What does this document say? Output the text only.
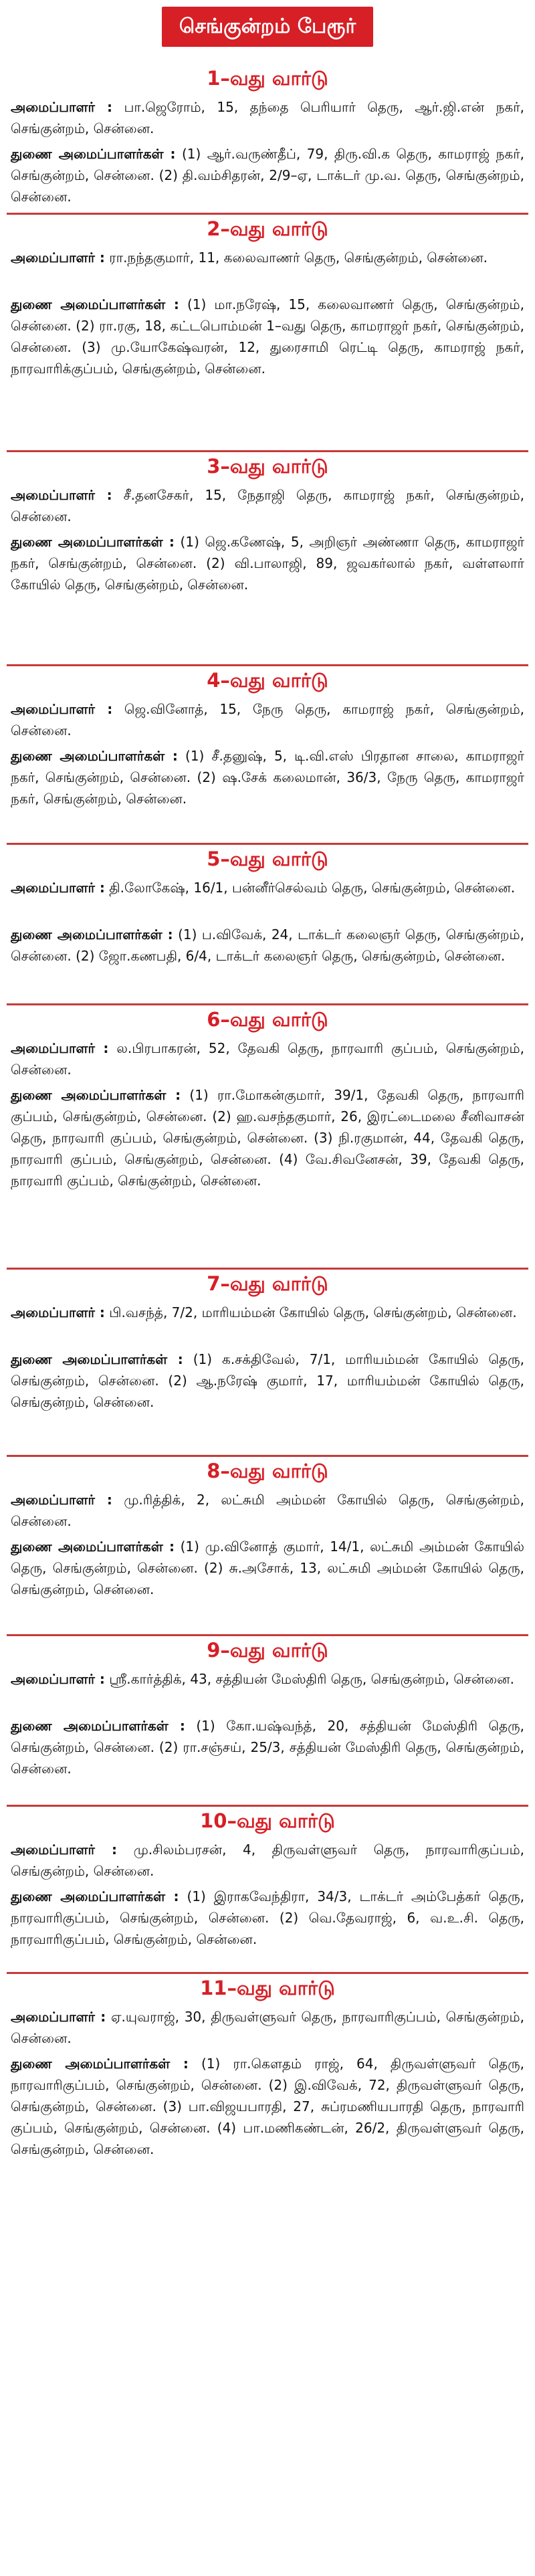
செங்குன்றம் பேரூர்
1–வது வார்டு

அமைப்பாளர் : பா.ஜெரோம், 15, தந்தை பெரியார் தெரு, ஆர்.ஜி.என் நகர், செங்குன்றம், சென்னை.

துணை அமைப்பாளர்கள் : (1) ஆர்.வருண்தீப், 79, திரு.வி.க தெரு, காமராஜ் நகர், செங்குன்றம், சென்னை. (2) தி.வம்சிதரன், 2/9–ஏ, டாக்டர் மு.வ. தெரு, செங்குன்றம், சென்னை.

2–வது வார்டு

அமைப்பாளர் : ரா.நந்தகுமார், 11, கலைவாணர் தெரு, செங்குன்றம், சென்னை.

துணை அமைப்பாளர்கள் : (1) மா.நரேஷ், 15, கலைவாணர் தெரு, செங்குன்றம், சென்னை. (2) ரா.ரகு, 18, கட்டபொம்மன் 1–வது தெரு, காமராஜர் நகர், செங்குன்றம், சென்னை. (3) மு.யோகேஷ்வரன், 12, துரைசாமி ரெட்டி தெரு, காமராஜ் நகர், நாரவாரிக்குப்பம், செங்குன்றம், சென்னை.

3–வது வார்டு

அமைப்பாளர் : சீ.தனசேகர், 15, நேதாஜி தெரு, காமராஜ் நகர், செங்குன்றம், சென்னை.

துணை அமைப்பாளர்கள் : (1) ஜெ.கணேஷ், 5, அறிஞர் அண்ணா தெரு, காமராஜர் நகர், செங்குன்றம், சென்னை. (2) வி.பாலாஜி, 89, ஜவகர்லால் நகர், வள்ளலார் கோயில் தெரு, செங்குன்றம், சென்னை.

4–வது வார்டு

அமைப்பாளர் : ஜெ.வினோத், 15, நேரு தெரு, காமராஜ் நகர், செங்குன்றம், சென்னை.

துணை அமைப்பாளர்கள் : (1) சீ.தனுஷ், 5, டி.வி.எஸ் பிரதான சாலை, காமராஜர் நகர், செங்குன்றம், சென்னை. (2) ஷ.சேக் கலைமான், 36/3, நேரு தெரு, காமராஜர் நகர், செங்குன்றம், சென்னை.

5–வது வார்டு

அமைப்பாளர் : தி.லோகேஷ், 16/1, பன்னீர்செல்வம் தெரு, செங்குன்றம், சென்னை.

துணை அமைப்பாளர்கள் : (1) ப.விவேக், 24, டாக்டர் கலைஞர் தெரு, செங்குன்றம், சென்னை. (2) ஜோ.கணபதி, 6/4, டாக்டர் கலைஞர் தெரு, செங்குன்றம், சென்னை.

6–வது வார்டு

அமைப்பாளர் : ல.பிரபாகரன், 52, தேவகி தெரு, நாரவாரி குப்பம், செங்குன்றம், சென்னை.

துணை அமைப்பாளர்கள் : (1) ரா.மோகன்குமார், 39/1, தேவகி தெரு, நாரவாரி குப்பம், செங்குன்றம், சென்னை. (2) ஹ.வசந்தகுமார், 26, இரட்டைமலை சீனிவாசன் தெரு, நாரவாரி குப்பம், செங்குன்றம், சென்னை. (3) நி.ரகுமான், 44, தேவகி தெரு, நாரவாரி குப்பம், செங்குன்றம், சென்னை. (4) வே.சிவனேசன், 39, தேவகி தெரு, நாரவாரி குப்பம், செங்குன்றம், சென்னை.

7–வது வார்டு

அமைப்பாளர் : பி.வசந்த், 7/2, மாரியம்மன் கோயில் தெரு, செங்குன்றம், சென்னை.

துணை அமைப்பாளர்கள் : (1) க.சக்திவேல், 7/1, மாரியம்மன் கோயில் தெரு, செங்குன்றம், சென்னை. (2) ஆ.நரேஷ் குமார், 17, மாரியம்மன் கோயில் தெரு, செங்குன்றம், சென்னை.

8–வது வார்டு

அமைப்பாளர் : மு.ரித்திக், 2, லட்சுமி அம்மன் கோயில் தெரு, செங்குன்றம், சென்னை.

துணை அமைப்பாளர்கள் : (1) மு.வினோத் குமார், 14/1, லட்சுமி அம்மன் கோயில் தெரு, செங்குன்றம், சென்னை. (2) சு.அசோக், 13, லட்சுமி அம்மன் கோயில் தெரு, செங்குன்றம், சென்னை.

9–வது வார்டு

அமைப்பாளர் : ஸ்ரீ.கார்த்திக், 43, சத்தியன் மேஸ்திரி தெரு, செங்குன்றம், சென்னை.

துணை அமைப்பாளர்கள் : (1) கோ.யஷ்வந்த், 20, சத்தியன் மேஸ்திரி தெரு, செங்குன்றம், சென்னை. (2) ரா.சஞ்சய், 25/3, சத்தியன் மேஸ்திரி தெரு, செங்குன்றம், சென்னை.

10–வது வார்டு

அமைப்பாளர் : மு.சிலம்பரசன், 4, திருவள்ளுவர் தெரு, நாரவாரிகுப்பம், செங்குன்றம், சென்னை.

துணை அமைப்பாளர்கள் : (1) இராகவேந்திரா, 34/3, டாக்டர் அம்பேத்கர் தெரு, நாரவாரிகுப்பம், செங்குன்றம், சென்னை. (2) வெ.தேவராஜ், 6, வ.உ.சி. தெரு, நாரவாரிகுப்பம், செங்குன்றம், சென்னை.

11–வது வார்டு

அமைப்பாளர் : ஏ.யுவராஜ், 30, திருவள்ளுவர் தெரு, நாரவாரிகுப்பம், செங்குன்றம், சென்னை.

துணை அமைப்பாளர்கள் : (1) ரா.கௌதம் ராஜ், 64, திருவள்ளுவர் தெரு, நாரவாரிகுப்பம், செங்குன்றம், சென்னை. (2) இ.விவேக், 72, திருவள்ளுவர் தெரு, செங்குன்றம், சென்னை. (3) பா.விஜயபாரதி, 27, சுப்ரமணியபாரதி தெரு, நாரவாரி குப்பம், செங்குன்றம், சென்னை. (4) பா.மணிகண்டன், 26/2, திருவள்ளுவர் தெரு, செங்குன்றம், சென்னை.
